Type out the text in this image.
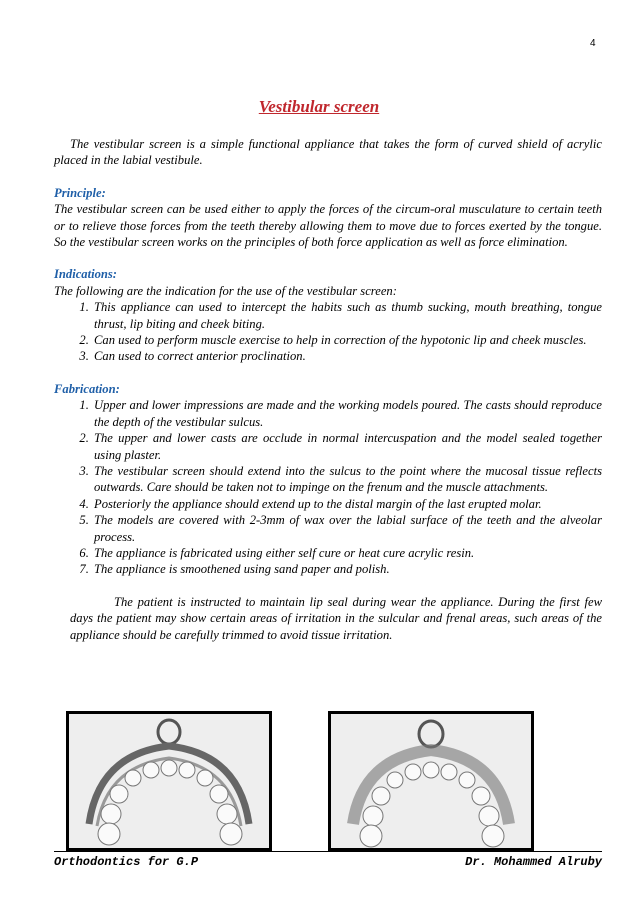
4
Vestibular screen

The vestibular screen is a simple functional appliance that takes the form of curved shield of acrylic placed in the labial vestibule.

Principle:

The vestibular screen can be used either to apply the forces of the circum-oral musculature to certain teeth or to relieve those forces from the teeth thereby allowing them to move due to forces exerted by the tongue. So the vestibular screen works on the principles of both force application as well as force elimination.

Indications:

The following are the indication for the use of the vestibular screen:

1. This appliance can used to intercept the habits such as thumb sucking, mouth breathing, tongue thrust, lip biting and cheek biting.
2. Can used to perform muscle exercise to help in correction of the hypotonic lip and cheek muscles.
3. Can used to correct anterior proclination.

Fabrication:

1. Upper and lower impressions are made and the working models poured. The casts should reproduce the depth of the vestibular sulcus.
2. The upper and lower casts are occlude in normal intercuspation and the model sealed together using plaster.
3. The vestibular screen should extend into the sulcus to the point where the mucosal tissue reflects outwards. Care should be taken not to impinge on the frenum and the muscle attachments.
4. Posteriorly the appliance should extend up to the distal margin of the last erupted molar.
5. The models are covered with 2-3mm of wax over the labial surface of the teeth and the alveolar process.
6. The appliance is fabricated using either self cure or heat cure acrylic resin.
7. The appliance is smoothened using sand paper and polish.

The patient is instructed to maintain lip seal during wear the appliance. During the first few days the patient may show certain areas of irritation in the sulcular and frenal areas, such areas of the appliance should be carefully trimmed to avoid tissue irritation.

Orthodontics for G.P	Dr. Mohammed Alruby
